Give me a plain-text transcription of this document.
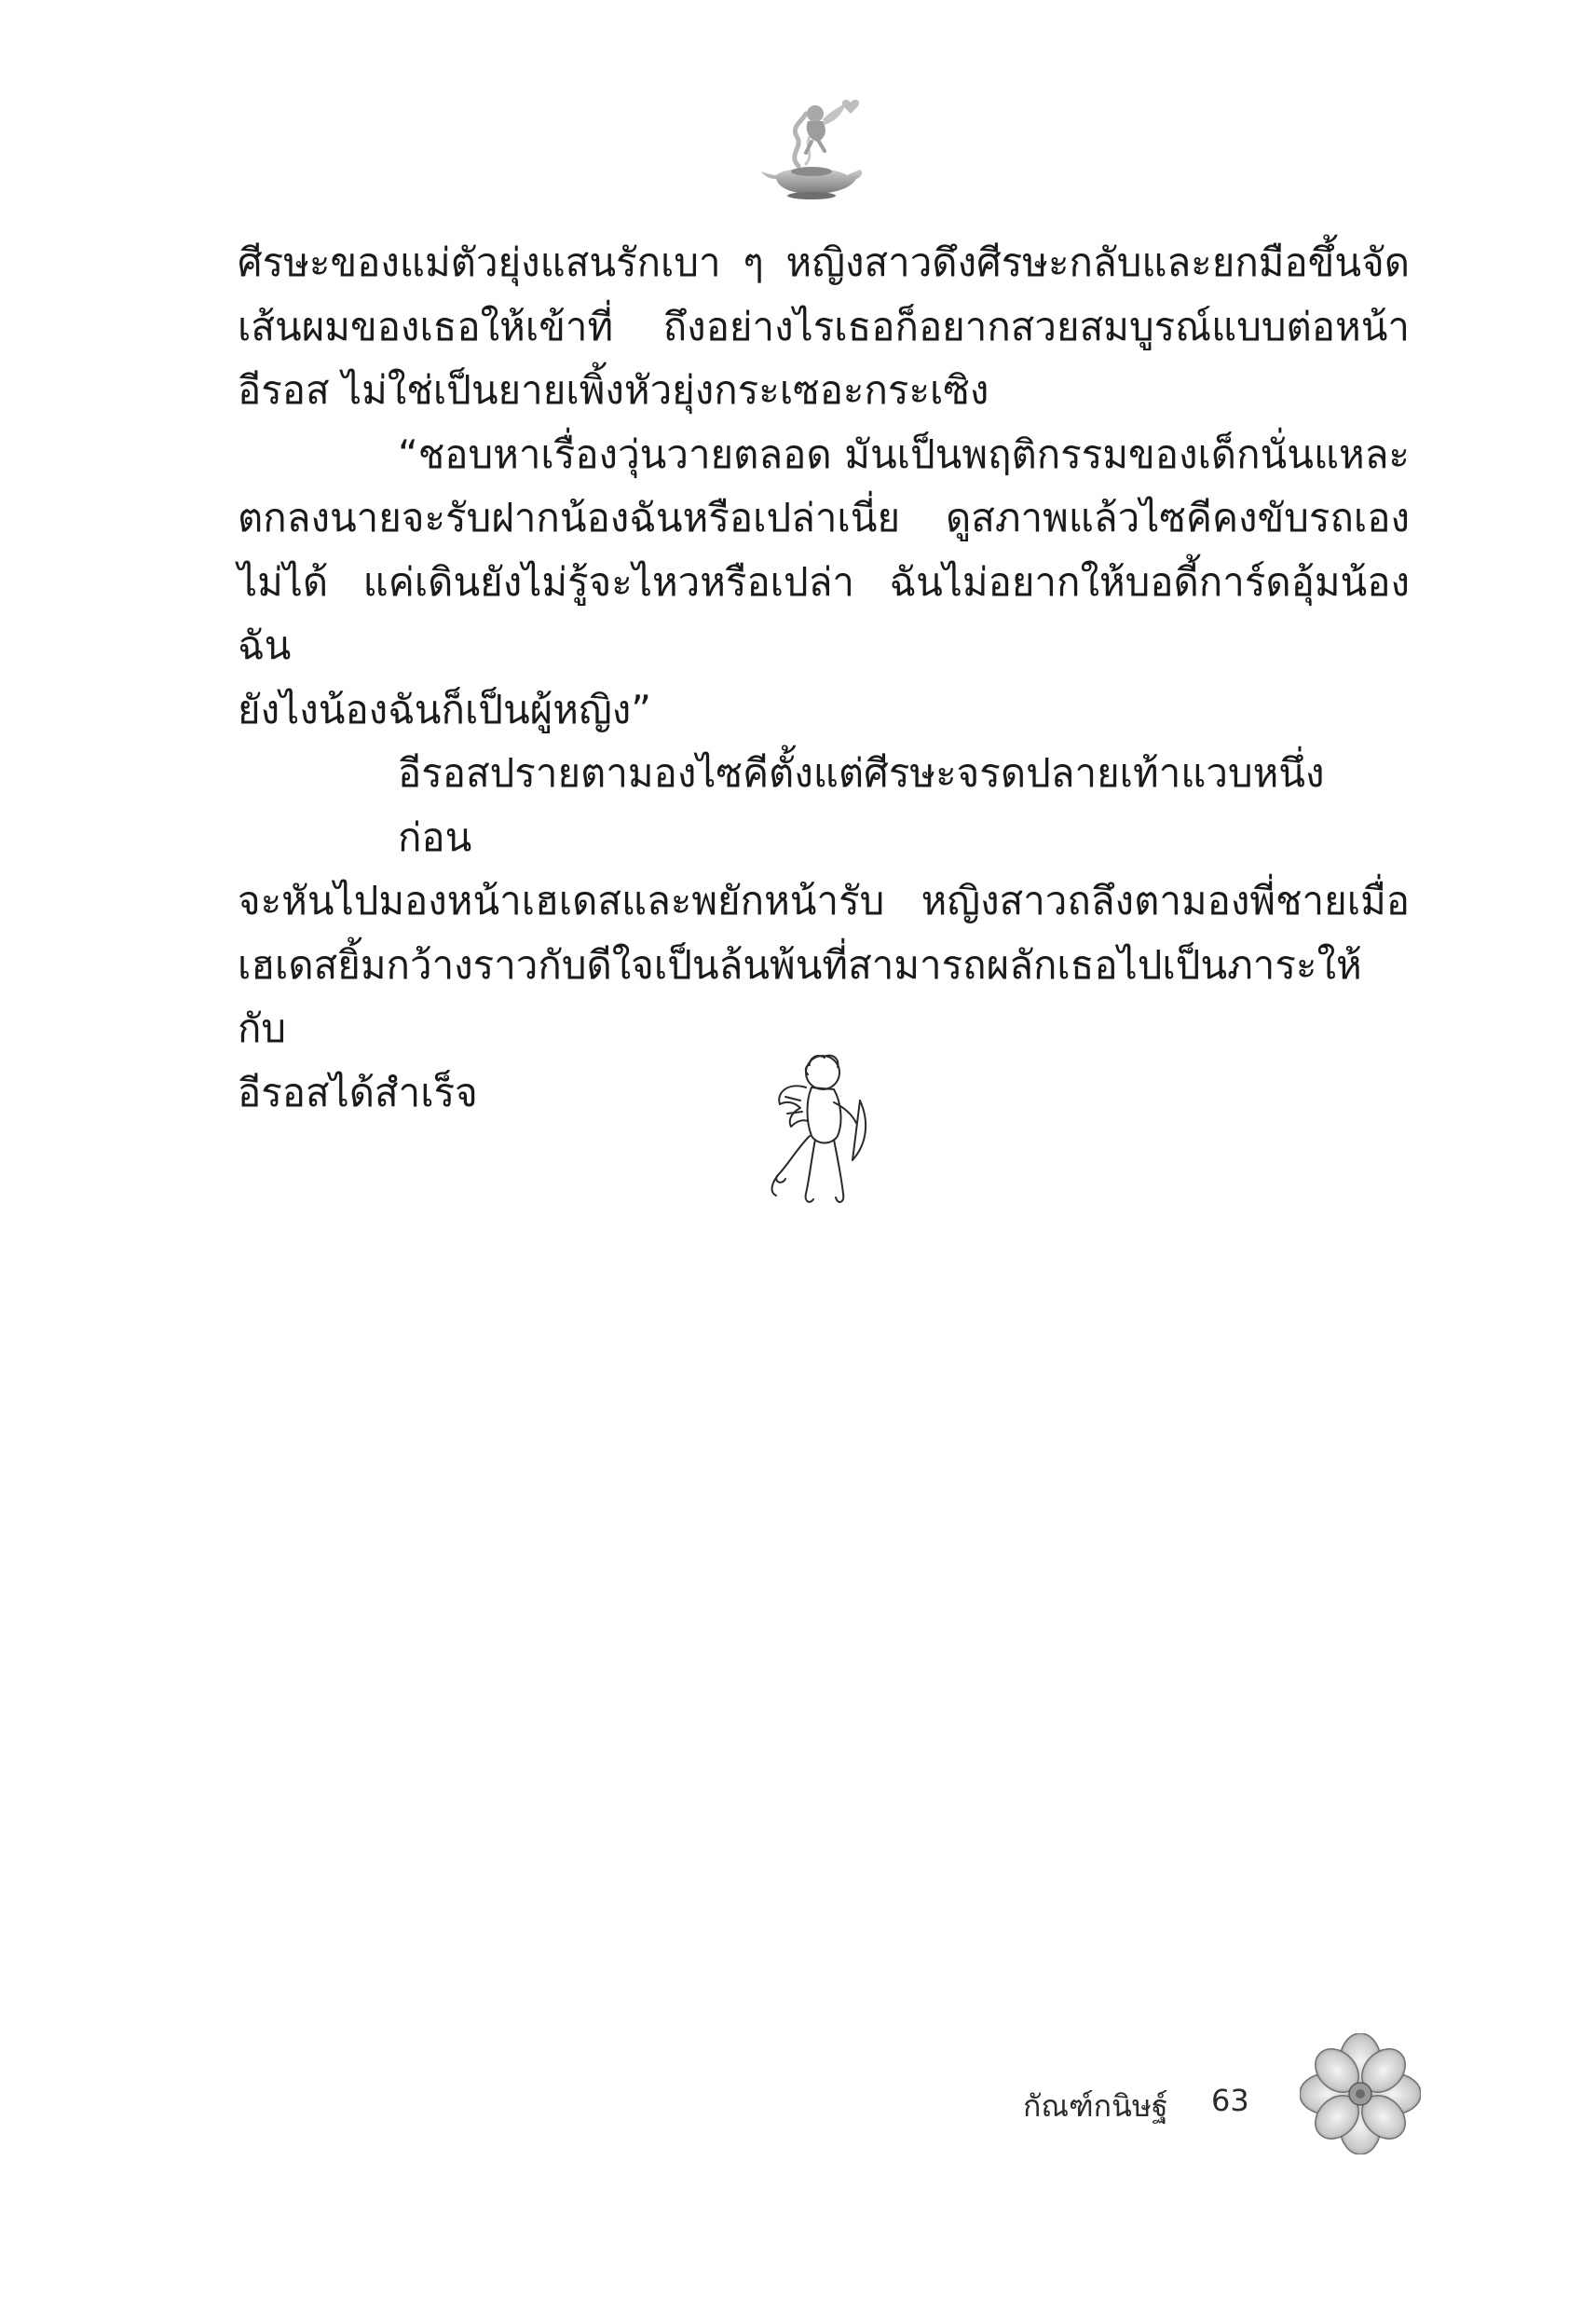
ศีรษะของแม่ตัวยุ่งแสนรักเบา ๆ หญิงสาวดึงศีรษะกลับและยกมือขึ้นจัด
เส้นผมของเธอให้เข้าที่ ถึงอย่างไรเธอก็อยากสวยสมบูรณ์แบบต่อหน้า
อีรอส ไม่ใช่เป็นยายเพิ้งหัวยุ่งกระเซอะกระเซิง
“ชอบหาเรื่องวุ่นวายตลอด มันเป็นพฤติกรรมของเด็กนั่นแหละ
ตกลงนายจะรับฝากน้องฉันหรือเปล่าเนี่ย ดูสภาพแล้วไซคีคงขับรถเอง
ไม่ได้ แค่เดินยังไม่รู้จะไหวหรือเปล่า ฉันไม่อยากให้บอดี้การ์ดอุ้มน้องฉัน
ยังไงน้องฉันก็เป็นผู้หญิง”
อีรอสปรายตามองไซคีตั้งแต่ศีรษะจรดปลายเท้าแวบหนึ่ง ก่อน
จะหันไปมองหน้าเฮเดสและพยักหน้ารับ หญิงสาวถลึงตามองพี่ชายเมื่อ
เฮเดสยิ้มกว้างราวกับดีใจเป็นล้นพ้นที่สามารถผลักเธอไปเป็นภาระให้กับ
อีรอสได้สำเร็จ
กัณฑ์กนิษฐ์ 63
